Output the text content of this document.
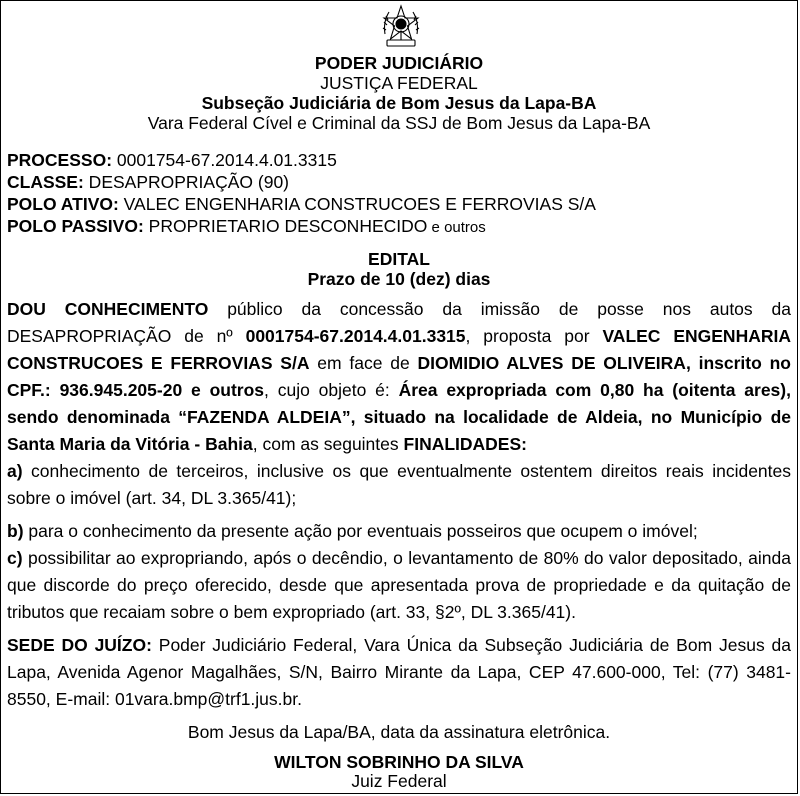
PODER JUDICIÁRIO
JUSTIÇA FEDERAL
Subseção Judiciária de Bom Jesus da Lapa-BA
Vara Federal Cível e Criminal da SSJ de Bom Jesus da Lapa-BA
PROCESSO: 0001754-67.2014.4.01.3315
CLASSE: DESAPROPRIAÇÃO (90)
POLO ATIVO: VALEC ENGENHARIA CONSTRUCOES E FERROVIAS S/A
POLO PASSIVO: PROPRIETARIO DESCONHECIDO e outros
EDITAL
Prazo de 10 (dez) dias

DOU CONHECIMENTO público da concessão da imissão de posse nos autos da DESAPROPRIAÇÃO de nº 0001754-67.2014.4.01.3315, proposta por VALEC ENGENHARIA CONSTRUCOES E FERROVIAS S/A em face de DIOMIDIO ALVES DE OLIVEIRA, inscrito no CPF.: 936.945.205-20 e outros, cujo objeto é: Área expropriada com 0,80 ha (oitenta ares), sendo denominada “FAZENDA ALDEIA”, situado na localidade de Aldeia, no Município de Santa Maria da Vitória - Bahia, com as seguintes FINALIDADES:

a) conhecimento de terceiros, inclusive os que eventualmente ostentem direitos reais incidentes sobre o imóvel (art. 34, DL 3.365/41);

b) para o conhecimento da presente ação por eventuais posseiros que ocupem o imóvel;

c) possibilitar ao expropriando, após o decêndio, o levantamento de 80% do valor depositado, ainda que discorde do preço oferecido, desde que apresentada prova de propriedade e da quitação de tributos que recaiam sobre o bem expropriado (art. 33, §2º, DL 3.365/41).

SEDE DO JUÍZO: Poder Judiciário Federal, Vara Única da Subseção Judiciária de Bom Jesus da Lapa, Avenida Agenor Magalhães, S/N, Bairro Mirante da Lapa, CEP 47.600-000, Tel: (77) 3481-8550, E-mail: 01vara.bmp@trf1.jus.br.

Bom Jesus da Lapa/BA, data da assinatura eletrônica.
WILTON SOBRINHO DA SILVA
Juiz Federal
